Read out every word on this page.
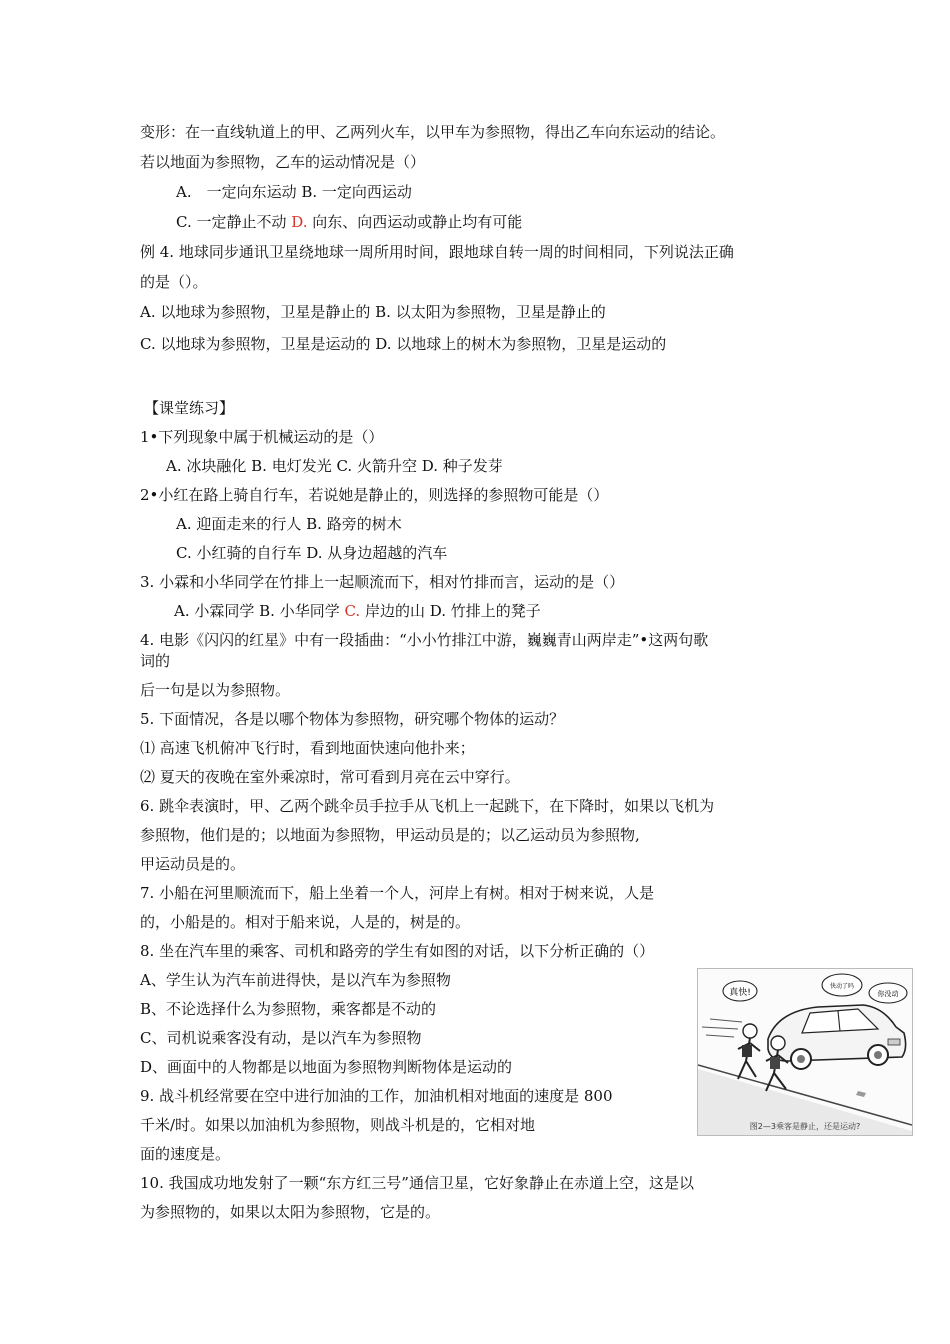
变形：在一直线轨道上的甲、乙两列火车，以甲车为参照物，得出乙车向东运动的结论。
若以地面为参照物，乙车的运动情况是（）
A.　一定向东运动 B. 一定向西运动
C. 一定静止不动 D. 向东、向西运动或静止均有可能
例 4. 地球同步通讯卫星绕地球一周所用时间，跟地球自转一周的时间相同，下列说法正确
的是（）。
A. 以地球为参照物，卫星是静止的 B. 以太阳为参照物，卫星是静止的
C. 以地球为参照物，卫星是运动的 D. 以地球上的树木为参照物，卫星是运动的
【课堂练习】
1•下列现象中属于机械运动的是（）
A. 冰块融化 B. 电灯发光 C. 火箭升空 D. 种子发芽
2•小红在路上骑自行车，若说她是静止的，则选择的参照物可能是（）
A. 迎面走来的行人 B. 路旁的树木
C. 小红骑的自行车 D. 从身边超越的汽车
3. 小霖和小华同学在竹排上一起顺流而下，相对竹排而言，运动的是（）
A. 小霖同学 B. 小华同学 C. 岸边的山 D. 竹排上的凳子
4. 电影《闪闪的红星》中有一段插曲：“小小竹排江中游，巍巍青山两岸走”•这两句歌
词的
后一句是以为参照物。
5. 下面情况，各是以哪个物体为参照物，研究哪个物体的运动？
⑴ 高速飞机俯冲飞行时，看到地面快速向他扑来；
⑵ 夏天的夜晚在室外乘凉时，常可看到月亮在云中穿行。
6. 跳伞表演时，甲、乙两个跳伞员手拉手从飞机上一起跳下，在下降时，如果以飞机为
参照物，他们是的；以地面为参照物，甲运动员是的；以乙运动员为参照物,
甲运动员是的。
7. 小船在河里顺流而下，船上坐着一个人，河岸上有树。相对于树来说，人是
的，小船是的。相对于船来说，人是的，树是的。
8. 坐在汽车里的乘客、司机和路旁的学生有如图的对话，以下分析正确的（）
A、学生认为汽车前进得快，是以汽车为参照物
B、不论选择什么为参照物，乘客都是不动的
C、司机说乘客没有动，是以汽车为参照物
D、画面中的人物都是以地面为参照物判断物体是运动的
9. 战斗机经常要在空中进行加油的工作，加油机相对地面的速度是 800
千米/时。如果以加油机为参照物，则战斗机是的，它相对地
面的速度是。
10. 我国成功地发射了一颗“东方红三号”通信卫星，它好象静止在赤道上空，这是以
为参照物的，如果以太阳为参照物，它是的。
真快!
快动了吗
你没动
图2—3乘客是静止，还是运动?
